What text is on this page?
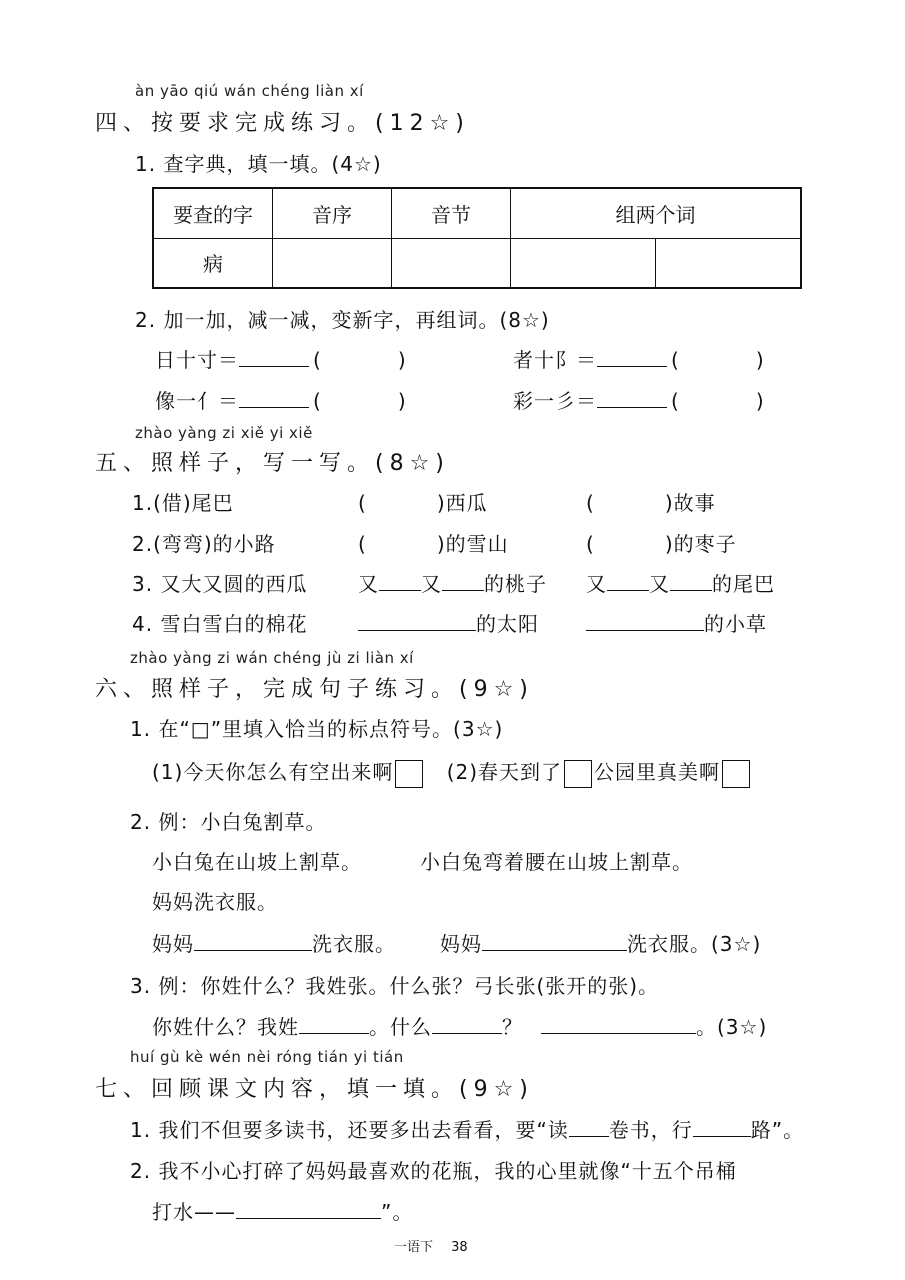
àn yāo qiú wán chéng liàn xí
四、按要求完成练习。(12☆)
1. 查字典，填一填。(4☆)
要查的字	音序	音节	组两个词	
病				
2. 加一加，减一减，变新字，再组词。(8☆)
日十寸＝	(	)	者十阝＝	(	)
像一亻＝	(	)	彩一彡＝	(	)
zhào yàng zi xiě yi xiě
五、照样子，写一写。(8☆)
1.(借)尾巴	(	)西瓜	(	)故事
2.(弯弯)的小路	(	)的雪山	(	)的枣子
3. 又大又圆的西瓜	又 又 的桃子 又 又 的尾巴
4. 雪白雪白的棉花	的太阳	的小草
zhào yàng zi wán chéng jù zi liàn xí
六、照样子，完成句子练习。(9☆)
1. 在“□”里填入恰当的标点符号。(3☆)
(1)今天你怎么有空出来啊	(2)春天到了 公园里真美啊
2. 例：小白兔割草。
小白兔在山坡上割草。	小白兔弯着腰在山坡上割草。
妈妈洗衣服。
妈妈	洗衣服。 妈妈	洗衣服。(3☆)
3. 例：你姓什么？我姓张。什么张？弓长张(张开的张)。
你姓什么？我姓	。什么	？	。(3☆)
huí gù kè wén nèi róng tián yi tián
七、回顾课文内容，填一填。(9☆)
1. 我们不但要多读书，还要多出去看看，要“读 卷书，行	路”。
2. 我不小心打碎了妈妈最喜欢的花瓶，我的心里就像“十五个吊桶
打水——	”。
一语下 38
